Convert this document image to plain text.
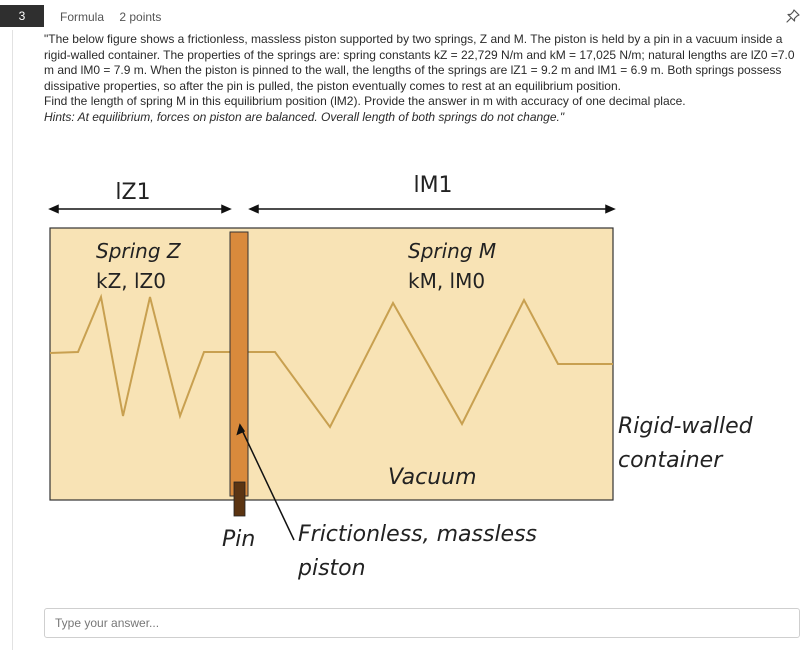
3	Formula 2 points

"The below figure shows a frictionless, massless piston supported by two springs, Z and M. The piston is held by a pin in a vacuum inside a rigid-walled container. The properties of the springs are: spring constants kZ = 22,729 N/m and kM = 17,025 N/m; natural lengths are lZ0 =7.0 m and lM0 = 7.9 m. When the piston is pinned to the wall, the lengths of the springs are lZ1 = 9.2 m and lM1 = 6.9 m. Both springs possess dissipative properties, so after the pin is pulled, the piston eventually comes to rest at an equilibrium position.

Find the length of spring M in this equilibrium position (lM2). Provide the answer in m with accuracy of one decimal place.

Hints: At equilibrium, forces on piston are balanced. Overall length of both springs do not change."

lZ1	lM1
Spring Z
kZ, lZ0
Spring M
kM, lM0
Vacuum
Rigid-walled
container
Pin Frictionless, massless
piston
Type your answer...
